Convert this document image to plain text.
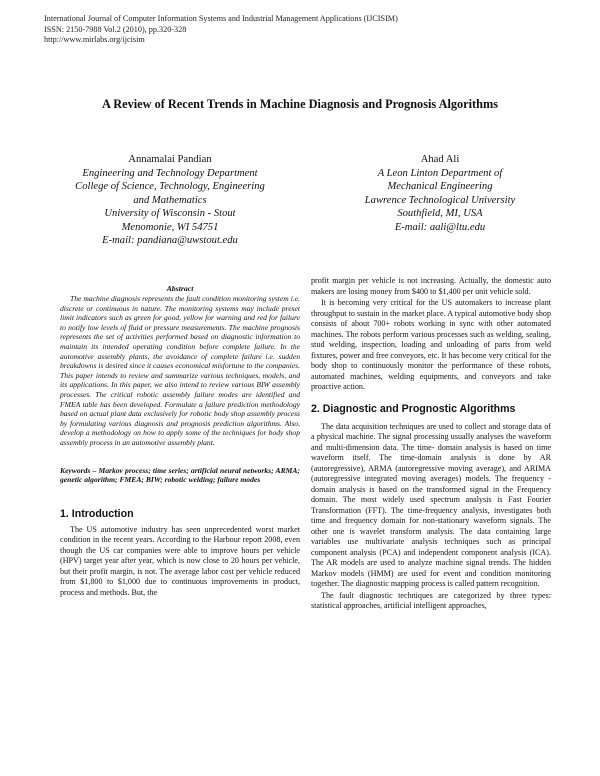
International Journal of Computer Information Systems and Industrial Management Applications (IJCISIM)
ISSN: 2150-7988 Vol.2 (2010), pp.320-328
http://www.mirlabs.org/ijcisim
A Review of Recent Trends in Machine Diagnosis and Prognosis Algorithms
Annamalai Pandian
Engineering and Technology Department
College of Science, Technology, Engineering
and Mathematics
University of Wisconsin - Stout
Menomonie, WI 54751
E-mail: pandiana@uwstout.edu
Ahad Ali
A Leon Linton Department of
Mechanical Engineering
Lawrence Technological University
Southfield, MI, USA
E-mail: aali@ltu.edu
Abstract

The machine diagnosis represents the fault condition monitoring system i.e. discrete or continuous in nature. The monitoring systems may include preset limit indicators such as green for good, yellow for warning and red for failure to notify low levels of fluid or pressure measurements. The machine prognosis represents the set of activities performed based on diagnostic information to maintain its intended operating condition before complete failure. In the automotive assembly plants, the avoidance of complete failure i.e. sudden breakdowns is desired since it causes economical misfortune to the companies. This paper intends to review and summarize various techniques, models, and its applications. In this paper, we also intend to review various BIW assembly processes. The critical robotic assembly failure modes are identified and FMEA table has been developed. Formulate a failure prediction methodology based on actual plant data exclusively for robotic body shop assembly process by formulating various diagnosis and prognosis prediction algorithms. Also, develop a methodology on how to apply some of the techniques for body shop assembly process in an automotive assembly plant.

Keywords – Markov process; time series; artificial neural networks; ARMA; genetic algorithm; FMEA; BIW; robotic welding; failure modes

1. Introduction

The US automotive industry has seen unprecedented worst market condition in the recent years. According to the Harbour report 2008, even though the US car companies were able to improve hours per vehicle (HPV) target year after year, which is now close to 20 hours per vehicle, but their profit margin, is not. The average labor cost per vehicle reduced from $1,800 to $1,000 due to continuous improvements in product, process and methods. But, the

profit margin per vehicle is not increasing. Actually, the domestic auto makers are losing money from $400 to $1,400 per unit vehicle sold.

It is becoming very critical for the US automakers to increase plant throughput to sustain in the market place. A typical automotive body shop consists of about 700+ robots working in sync with other automated machines. The robots perform various processes such as welding, sealing, stud welding, inspection, loading and unloading of parts from weld fixtures, power and free conveyors, etc. It has become very critical for the body shop to continuously monitor the performance of these robots, automated machines, welding equipments, and conveyors and take proactive action.

2. Diagnostic and Prognostic Algorithms

The data acquisition techniques are used to collect and storage data of a physical machine. The signal processing usually analyses the waveform and multi-dimension data. The time- domain analysis is based on time waveform itself. The time-domain analysis is done by AR (autoregressive), ARMA (autoregressive moving average), and ARIMA (autoregressive integrated moving averages) models. The frequency - domain analysis is based on the transformed signal in the Frequency domain. The most widely used spectrum analysis is Fast Fourier Transformation (FFT). The time-frequency analysis, investigates both time and frequency domain for non-stationary waveform signals. The other one is wavelet transform analysis. The data containing large variables use multivariate analysis techniques such as principal component analysis (PCA) and independent component analysis (ICA). The AR models are used to analyze machine signal trends. The hidden Markov models (HMM) are used for event and condition monitoring together. The diagnostic mapping process is called pattern recognition.

The fault diagnostic techniques are categorized by three types: statistical approaches, artificial intelligent approaches,
